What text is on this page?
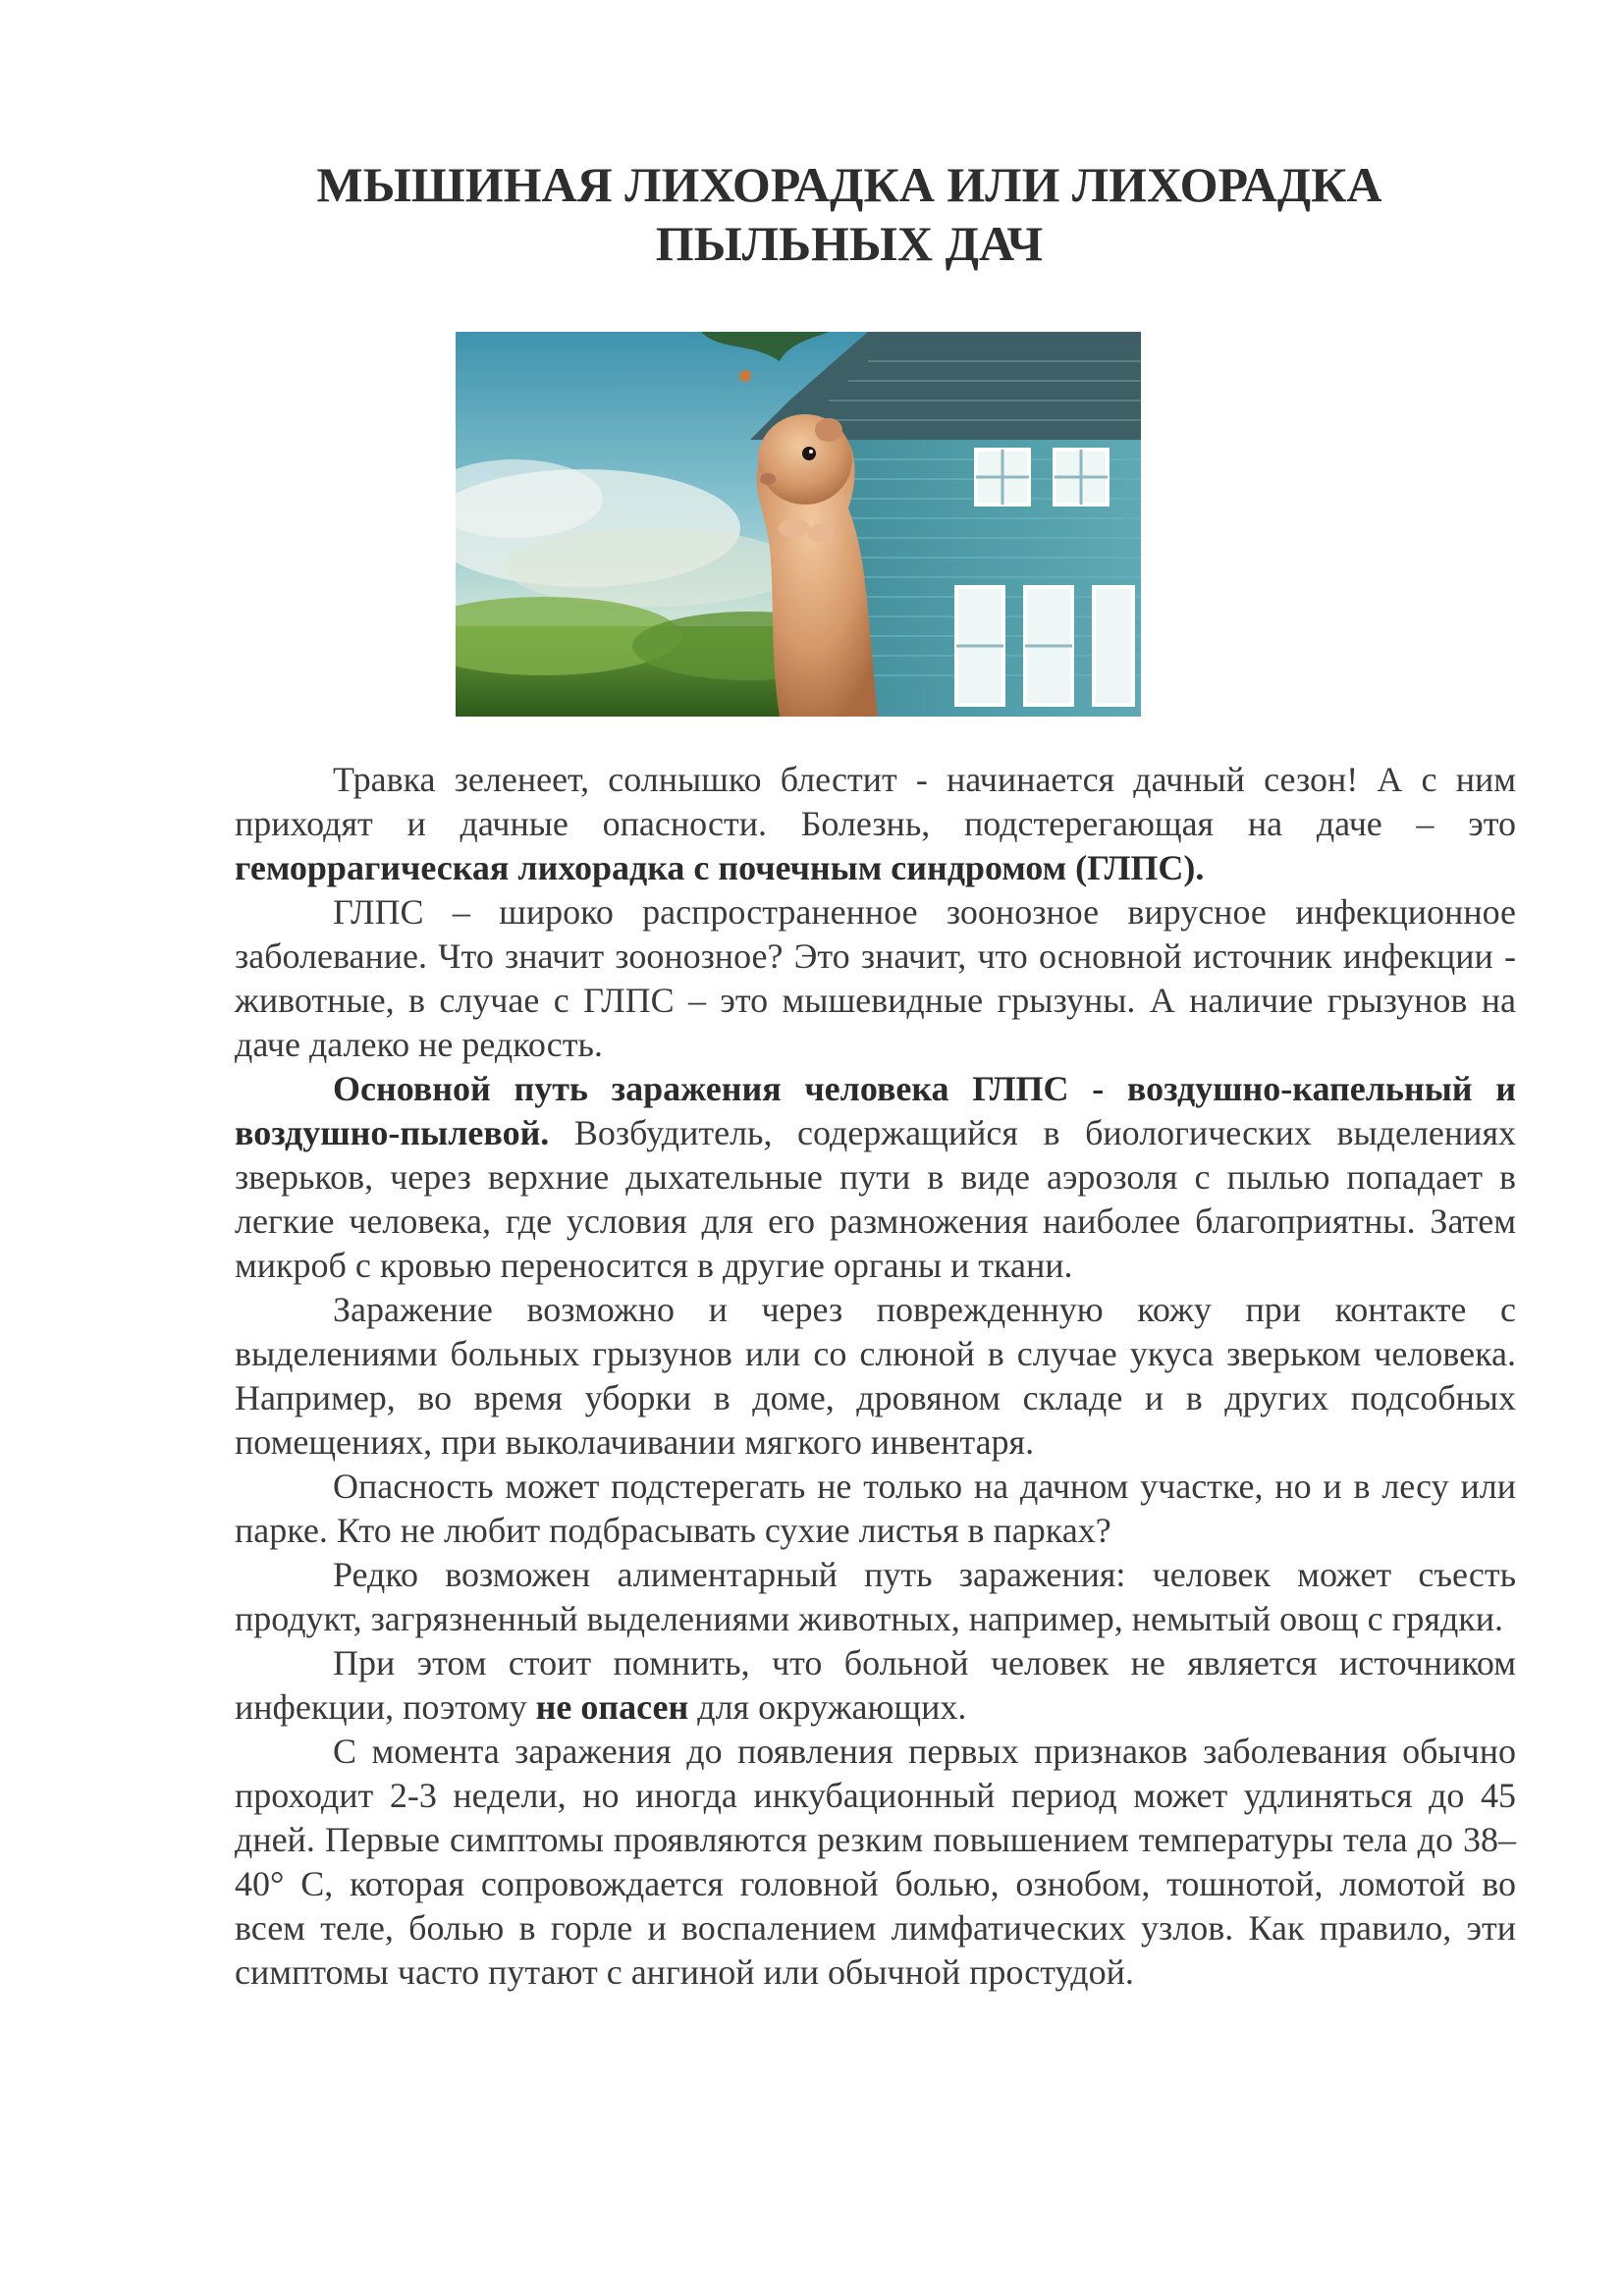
МЫШИНАЯ ЛИХОРАДКА ИЛИ ЛИХОРАДКА
ПЫЛЬНЫХ ДАЧ

Травка зеленеет, солнышко блестит - начинается дачный сезон! А с ним приходят и дачные опасности. Болезнь, подстерегающая на даче – это геморрагическая лихорадка с почечным синдромом (ГЛПС).

ГЛПС – широко распространенное зоонозное вирусное инфекционное заболевание. Что значит зоонозное? Это значит, что основной источник инфекции - животные, в случае с ГЛПС – это мышевидные грызуны. А наличие грызунов на даче далеко не редкость.

Основной путь заражения человека ГЛПС - воздушно-капельный и воздушно-пылевой. Возбудитель, содержащийся в биологических выделениях зверьков, через верхние дыхательные пути в виде аэрозоля с пылью попадает в легкие человека, где условия для его размножения наиболее благоприятны. Затем микроб с кровью переносится в другие органы и ткани.

Заражение возможно и через поврежденную кожу при контакте с выделениями больных грызунов или со слюной в случае укуса зверьком человека. Например, во время уборки в доме, дровяном складе и в других подсобных помещениях, при выколачивании мягкого инвентаря.

Опасность может подстерегать не только на дачном участке, но и в лесу или парке. Кто не любит подбрасывать сухие листья в парках?

Редко возможен алиментарный путь заражения: человек может съесть продукт, загрязненный выделениями животных, например, немытый овощ с грядки.

При этом стоит помнить, что больной человек не является источником инфекции, поэтому не опасен для окружающих.

С момента заражения до появления первых признаков заболевания обычно проходит 2-3 недели, но иногда инкубационный период может удлиняться до 45 дней. Первые симптомы проявляются резким повышением температуры тела до 38–40° С, которая сопровождается головной болью, ознобом, тошнотой, ломотой во всем теле, болью в горле и воспалением лимфатических узлов. Как правило, эти симптомы часто путают с ангиной или обычной простудой.
